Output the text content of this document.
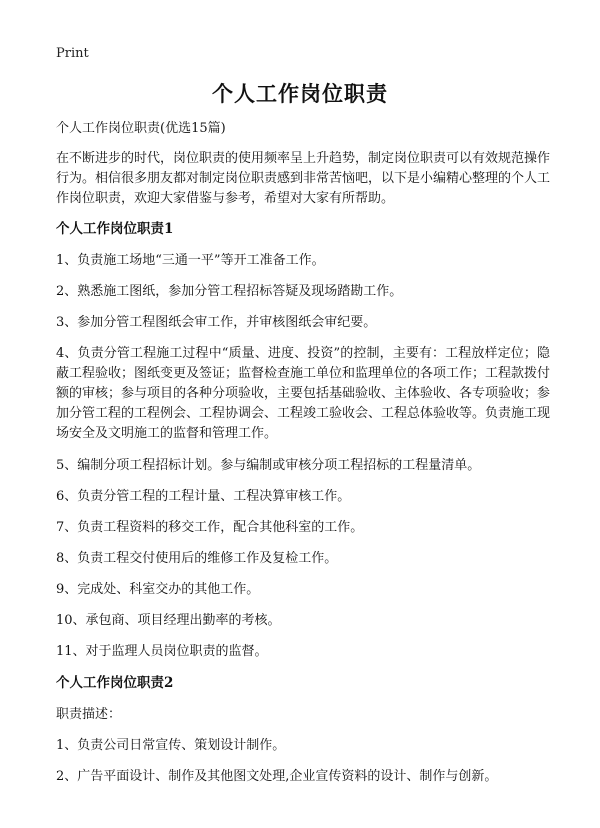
Print
个人工作岗位职责

个人工作岗位职责(优选15篇)

在不断进步的时代，岗位职责的使用频率呈上升趋势，制定岗位职责可以有效规范操作行为。相信很多朋友都对制定岗位职责感到非常苦恼吧，以下是小编精心整理的个人工作岗位职责，欢迎大家借鉴与参考，希望对大家有所帮助。

个人工作岗位职责1

1、负责施工场地“三通一平”等开工准备工作。

2、熟悉施工图纸，参加分管工程招标答疑及现场踏勘工作。

3、参加分管工程图纸会审工作，并审核图纸会审纪要。

4、负责分管工程施工过程中“质量、进度、投资”的控制，主要有：工程放样定位；隐蔽工程验收；图纸变更及签证；监督检查施工单位和监理单位的各项工作；工程款拨付额的审核；参与项目的各种分项验收，主要包括基础验收、主体验收、各专项验收；参加分管工程的工程例会、工程协调会、工程竣工验收会、工程总体验收等。负责施工现场安全及文明施工的监督和管理工作。

5、编制分项工程招标计划。参与编制或审核分项工程招标的工程量清单。

6、负责分管工程的工程计量、工程决算审核工作。

7、负责工程资料的移交工作，配合其他科室的工作。

8、负责工程交付使用后的维修工作及复检工作。

9、完成处、科室交办的其他工作。

10、承包商、项目经理出勤率的考核。

11、对于监理人员岗位职责的监督。

个人工作岗位职责2

职责描述：

1、负责公司日常宣传、策划设计制作。

2、广告平面设计、制作及其他图文处理,企业宣传资料的设计、制作与创新。
